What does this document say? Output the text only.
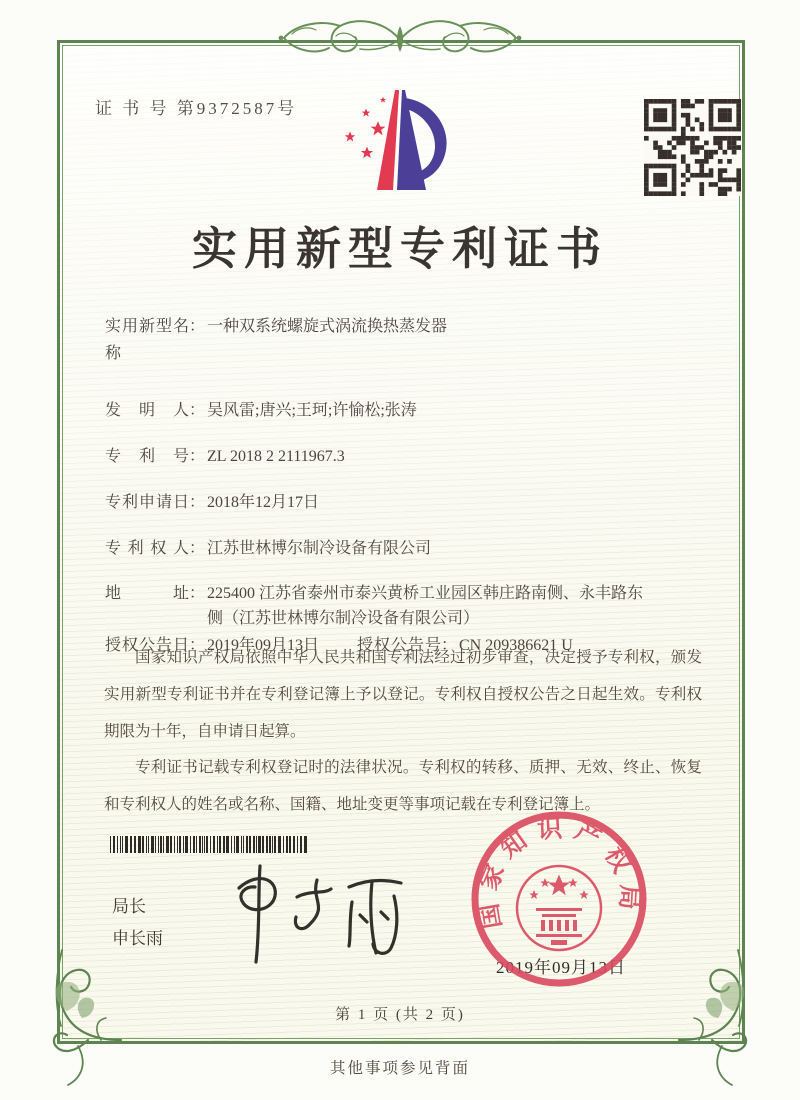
证 书 号 第9372587号
实用新型专利证书
实用新型名称
： 一种双系统螺旋式涡流换热蒸发器
发明人 ： 吴风雷;唐兴;王珂;许愉松;张涛
专利号 ： ZL 2018 2 2111967.3
专利申请日 ： 2018年12月17日
专利权人 ： 江苏世林博尔制冷设备有限公司
地址 ： 225400 江苏省泰州市泰兴黄桥工业园区韩庄路南侧、永丰路东侧（江苏世林博尔制冷设备有限公司）
授权公告日 ： 2019年09月13日	授权公告号 ： CN 209386621 U

国家知识产权局依照中华人民共和国专利法经过初步审查，决定授予专利权，颁发实用新型专利证书并在专利登记簿上予以登记。专利权自授权公告之日起生效。专利权期限为十年，自申请日起算。

专利证书记载专利权登记时的法律状况。专利权的转移、质押、无效、终止、恢复和专利权人的姓名或名称、国籍、地址变更等事项记载在专利登记簿上。

局长
申长雨
2019年09月13日
国家知识产权局
第 1 页 (共 2 页)
其他事项参见背面
